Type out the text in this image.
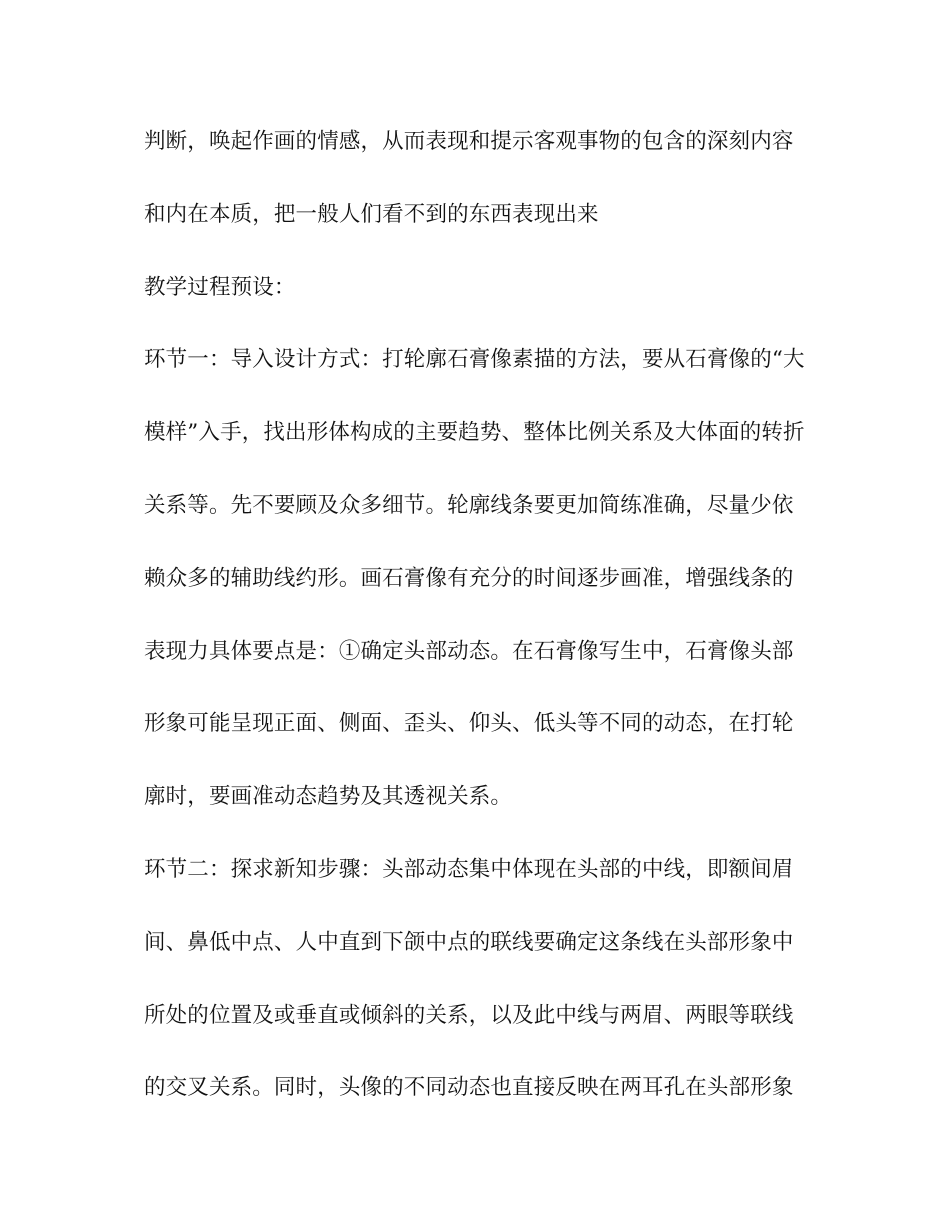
判断，唤起作画的情感，从而表现和提示客观事物的包含的深刻内容
和内在本质，把一般人们看不到的东西表现出来
教学过程预设：
环节一：导入设计方式：打轮廓石膏像素描的方法，要从石膏像的“大
模样”入手，找出形体构成的主要趋势、整体比例关系及大体面的转折
关系等。先不要顾及众多细节。轮廓线条要更加简练准确，尽量少依
赖众多的辅助线约形。画石膏像有充分的时间逐步画准，增强线条的
表现力具体要点是：①确定头部动态。在石膏像写生中，石膏像头部
形象可能呈现正面、侧面、歪头、仰头、低头等不同的动态，在打轮
廓时，要画准动态趋势及其透视关系。
环节二：探求新知步骤：头部动态集中体现在头部的中线，即额间眉
间、鼻低中点、人中直到下颌中点的联线要确定这条线在头部形象中
所处的位置及或垂直或倾斜的关系，以及此中线与两眉、两眼等联线
的交叉关系。同时，头像的不同动态也直接反映在两耳孔在头部形象
